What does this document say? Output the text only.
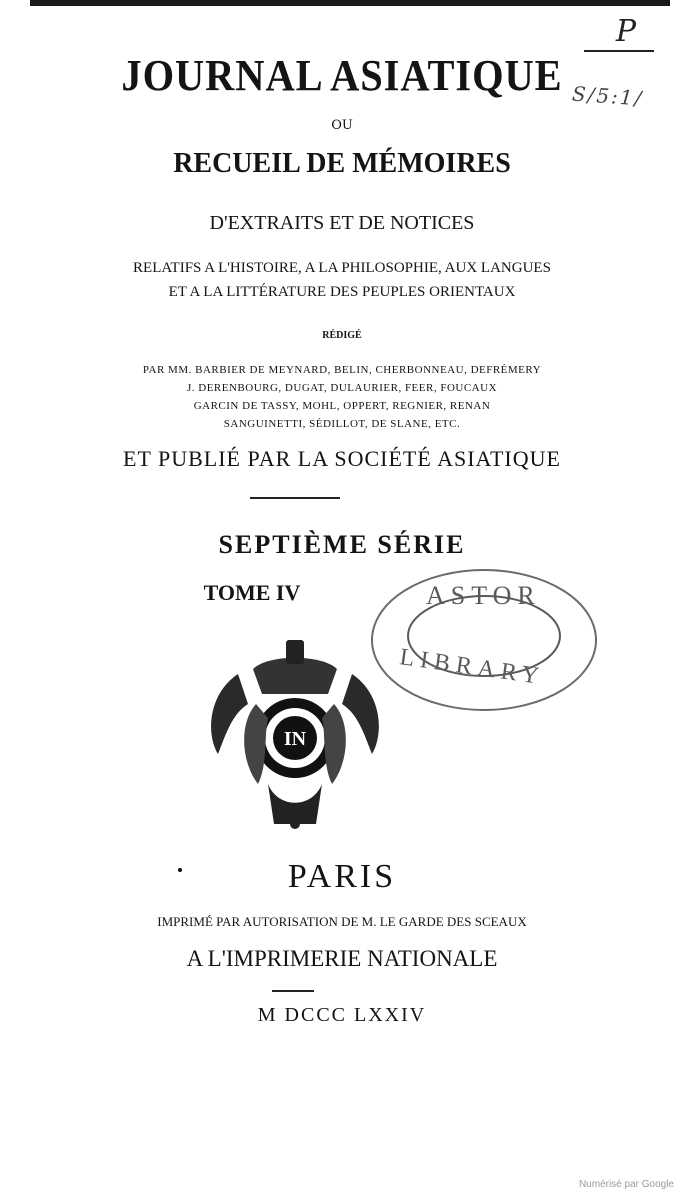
P
S/5:1/
JOURNAL ASIATIQUE
OU
RECUEIL DE MÉMOIRES
D'EXTRAITS ET DE NOTICES
RELATIFS A L'HISTOIRE, A LA PHILOSOPHIE, AUX LANGUES
ET A LA LITTÉRATURE DES PEUPLES ORIENTAUX
RÉDIGÉ
PAR MM. BARBIER DE MEYNARD, BELIN, CHERBONNEAU, DEFRÉMERY
J. DERENBOURG, DUGAT, DULAURIER, FEER, FOUCAUX
GARCIN DE TASSY, MOHL, OPPERT, REGNIER, RENAN
SANGUINETTI, SÉDILLOT, DE SLANE, ETC.
ET PUBLIÉ PAR LA SOCIÉTÉ ASIATIQUE
SEPTIÈME SÉRIE
TOME IV	ASTOR
LIBRARY
IN
PARIS
IMPRIMÉ PAR AUTORISATION DE M. LE GARDE DES SCEAUX
A L'IMPRIMERIE NATIONALE
M DCCC LXXIV
Numérisé par Google
